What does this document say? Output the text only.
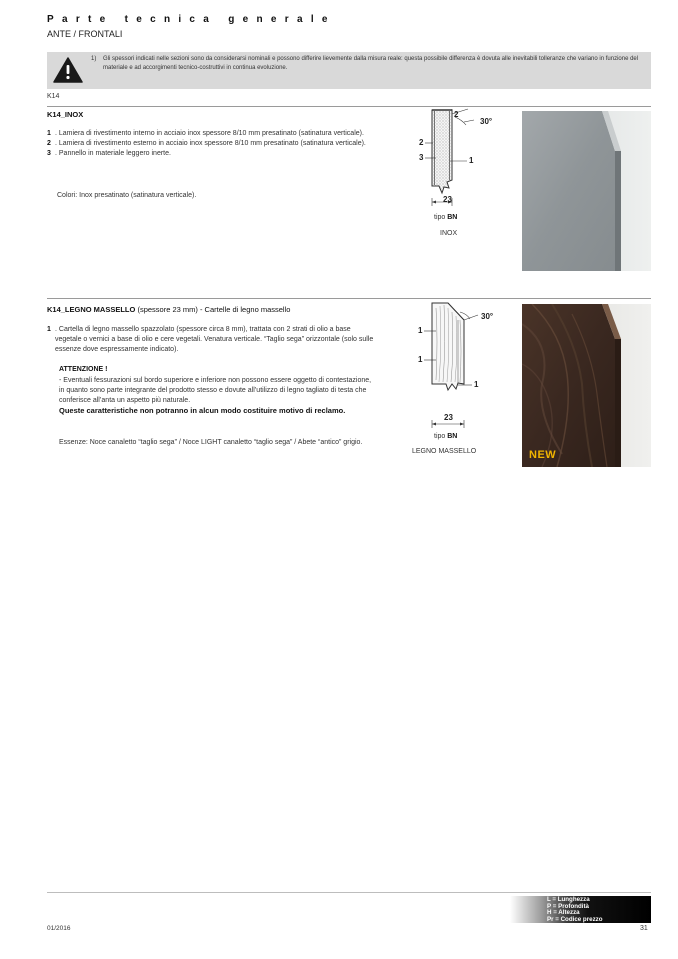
Parte tecnica generale
ANTE / FRONTALI
1) Gli spessori indicati nelle sezioni sono da considerarsi nominali e possono differire lievemente dalla misura reale: questa possibile differenza è dovuta alle inevitabili tolleranze che variano in funzione del materiale e ad accorgimenti tecnico-costruttivi in continua evoluzione.
K14
K14_INOX
1 . Lamiera di rivestimento interno in acciaio inox spessore 8/10 mm presatinato (satinatura verticale).
2 . Lamiera di rivestimento esterno in acciaio inox spessore 8/10 mm presatinato (satinatura verticale).
3 . Pannello in materiale leggero inerte.
Colori: Inox presatinato (satinatura verticale).
2
30°
2
3	1
23
tipo BN
INOX
K14_LEGNO MASSELLO (spessore 23 mm) - Cartelle di legno massello
1 . Cartella di legno massello spazzolato (spessore circa 8 mm), trattata con 2 strati di olio a base vegetale o vernici a base di olio e cere vegetali. Venatura verticale. “Taglio sega” orizzontale (solo sulle essenze dove espressamente indicato).
ATTENZIONE !
- Eventuali fessurazioni sul bordo superiore e inferiore non possono essere oggetto di contestazione, in quanto sono parte integrante del prodotto stesso e dovute all’utilizzo di legno tagliato di testa che conferisce all’anta un aspetto più naturale.
Queste caratteristiche non potranno in alcun modo costituire motivo di reclamo.
Essenze: Noce canaletto “taglio sega” / Noce LIGHT canaletto “taglio sega” / Abete “antico” grigio.
30°
1
1
1
23
tipo BN
LEGNO MASSELLO	NEW
L = Lunghezza
P = Profondità
H = Altezza
Pr = Codice prezzo
01/2016	31
